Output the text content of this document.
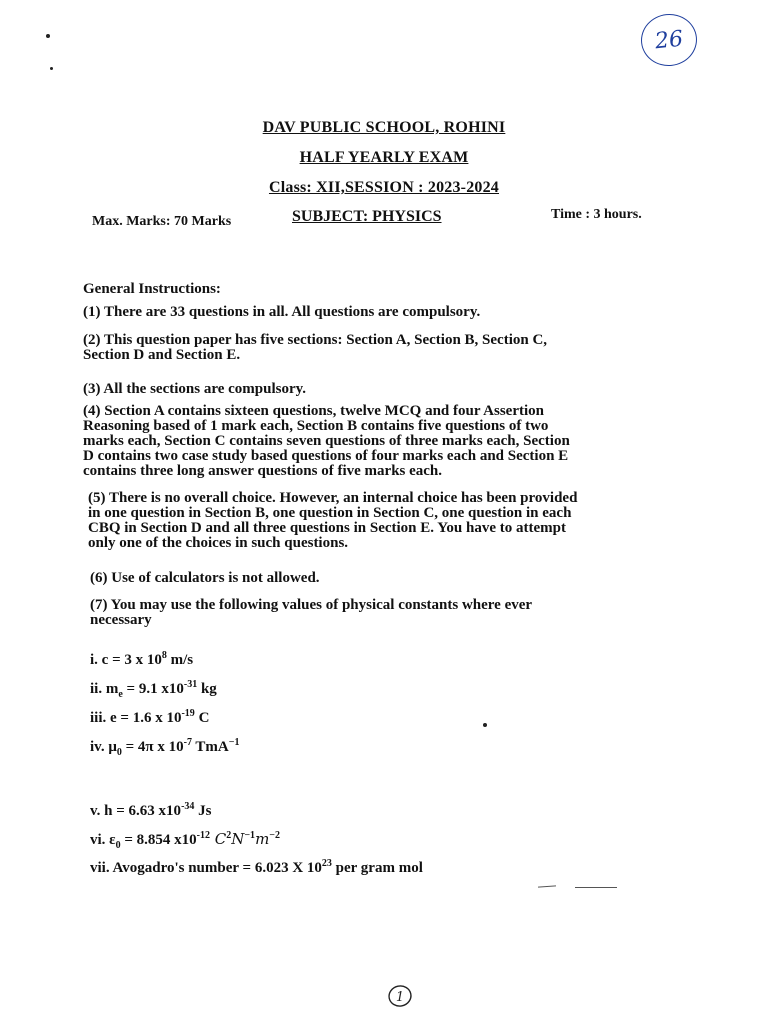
26
DAV PUBLIC SCHOOL, ROHINI
HALF YEARLY EXAM
Class: XII,SESSION : 2023-2024
Max. Marks: 70 Marks	SUBJECT: PHYSICS	Time : 3 hours.
General Instructions:
(1) There are 33 questions in all. All questions are compulsory.
(2) This question paper has five sections: Section A, Section B, Section C,
Section D and Section E.
(3) All the sections are compulsory.
(4) Section A contains sixteen questions, twelve MCQ and four Assertion
Reasoning based of 1 mark each, Section B contains five questions of two
marks each, Section C contains seven questions of three marks each, Section
D contains two case study based questions of four marks each and Section E
contains three long answer questions of five marks each.
(5) There is no overall choice. However, an internal choice has been provided
in one question in Section B, one question in Section C, one question in each
CBQ in Section D and all three questions in Section E. You have to attempt
only one of the choices in such questions.
(6) Use of calculators is not allowed.
(7) You may use the following values of physical constants where ever
necessary
i. c = 3 x $10^8$ m/s
ii. $m_e = 9.1$ $x10^{-31}$ kg
iii. e = 1.6 x $10^{-19}$ C
iv. $\mu_0 = 4\pi$ x $10^{-7}$ TmA$^{-1}$
v. h = 6.63 $x10^{-34}$ Js
vi. $\varepsilon_0 = 8.854$ $x10^{-12}$ $C^2N^{-1}m^{-2}$
vii. Avogadro's number = 6.023 X $10^{23}$ per gram mol
1
